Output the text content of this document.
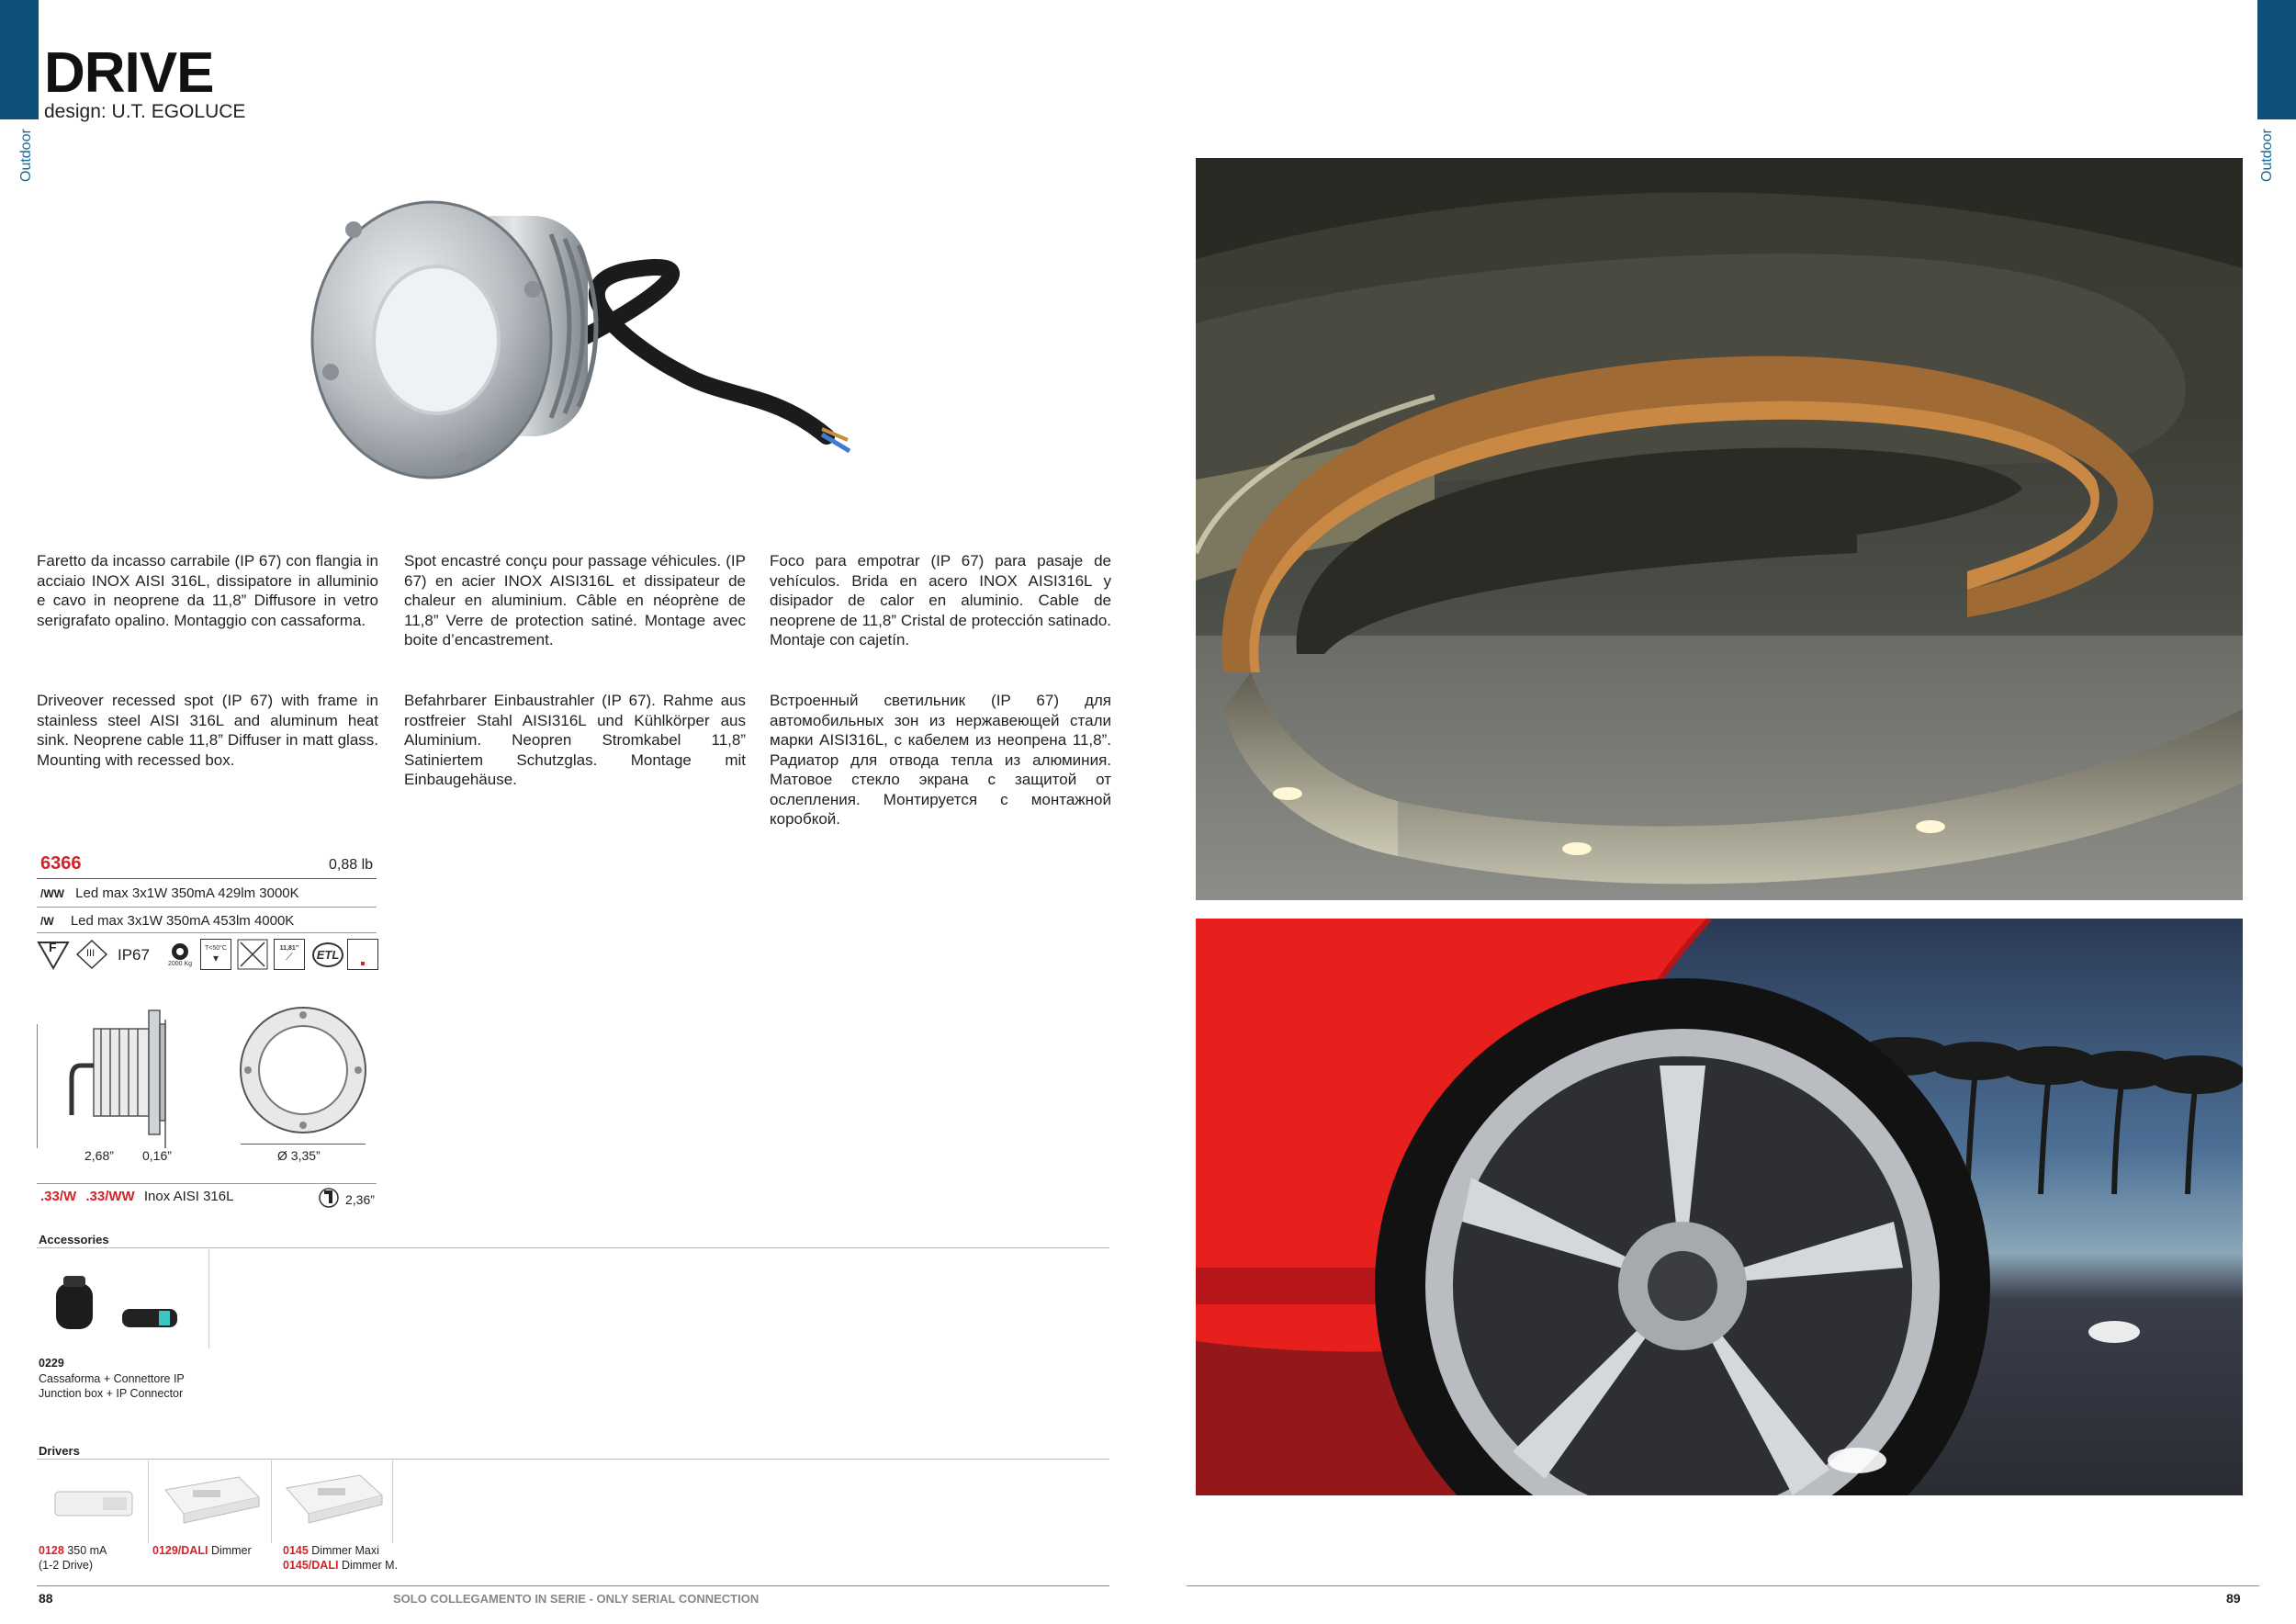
Outdoor	Outdoor
DRIVE
design: U.T. EGOLUCE
Faretto da incasso carrabile (IP 67) con flangia in acciaio INOX AISI 316L, dissipatore in alluminio e cavo in neoprene da 11,8” Diffusore in vetro serigrafato opalino. Montaggio con cassaforma.
Spot encastré conçu pour passage véhicules. (IP 67) en acier INOX AISI316L et dissipateur de chaleur en aluminium. Câble en néoprène de 11,8” Verre de protection satiné. Montage avec boite d’encastrement.
Foco para empotrar (IP 67) para pasaje de vehículos. Brida en acero INOX AISI316L y disipador de calor en aluminio. Cable de neoprene de 11,8” Cristal de protección satinado. Montaje con cajetín.
Driveover recessed spot (IP 67) with frame in stainless steel AISI 316L and aluminum heat sink. Neoprene cable 11,8” Diffuser in matt glass. Mounting with recessed box.
Befahrbarer Einbaustrahler (IP 67). Rahme aus rostfreier Stahl AISI316L und Kühlkörper aus Aluminium. Neopren Stromkabel 11,8” Satiniertem Schutzglas. Montage mit Einbaugehäuse.
Встроенный светильник (IP 67) для автомобильных зон из нержавеющей стали марки AISI316L, с кабелем из неопрена 11,8”. Радиатор для отвода тепла из алюминия. Матовое стекло экрана с защитой от ослепления. Монтируется с монтажной коробкой.
6366	0,88 lb
/WW Led max 3x1W 350mA 429lm 3000K
/W Led max 3x1W 350mA 453lm 4000K
F	III IP67	2000 Kg
T<50°C
▾
11,81”
⟋	ETL
2,68” 0,16”	Ø 3,35”
.33/W .33/WW Inox AISI 316L	2,36”
Accessories
0229
Cassaforma + Connettore IP
Junction box + IP Connector
Drivers
0128 350 mA
(1-2 Drive)
0129/DALI Dimmer	0145 Dimmer Maxi
0145/DALI Dimmer M.
88	SOLO COLLEGAMENTO IN SERIE - ONLY SERIAL CONNECTION	89
